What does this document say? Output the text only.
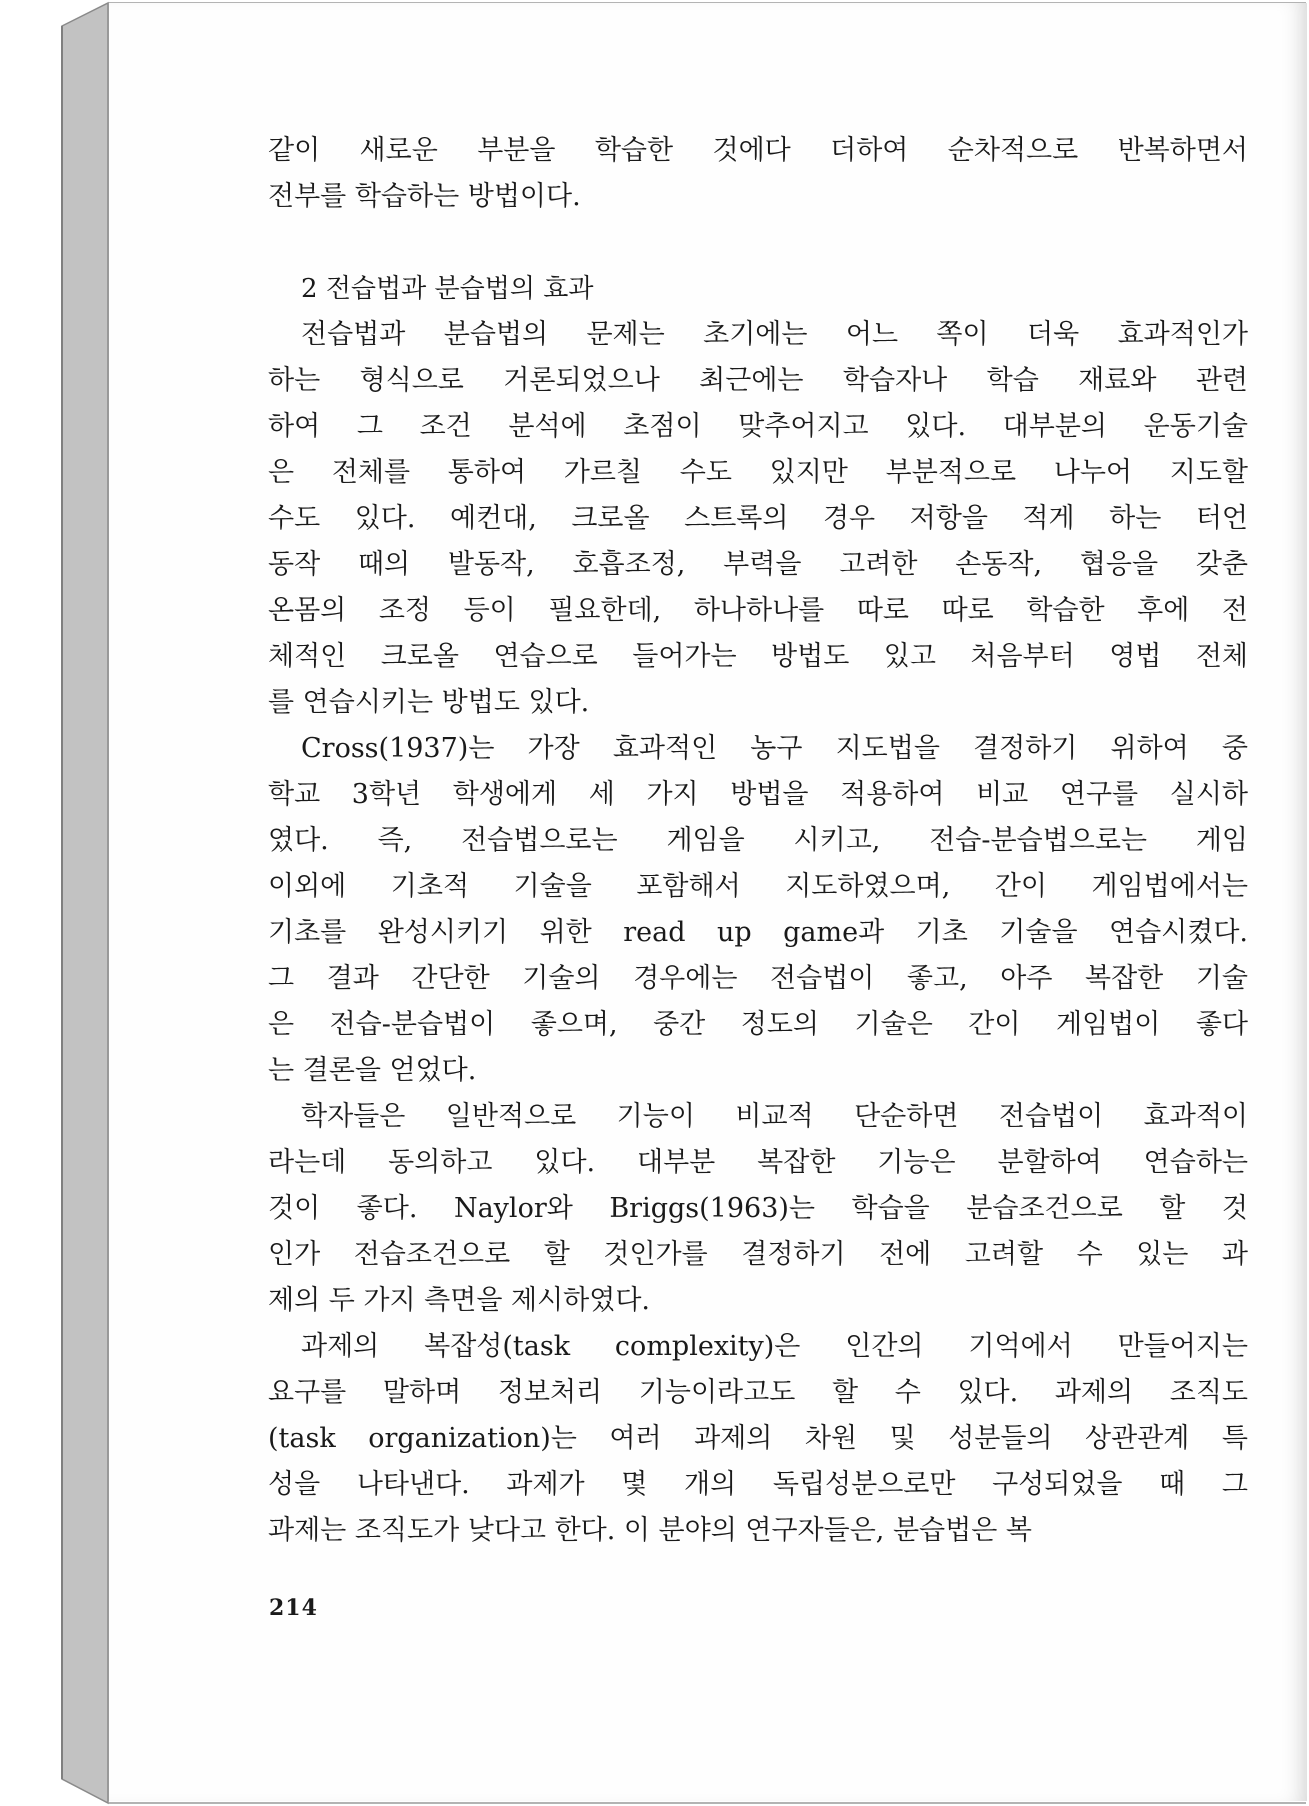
같이 새로운 부분을 학습한 것에다 더하여 순차적으로 반복하면서
전부를 학습하는 방법이다.
2 전습법과 분습법의 효과
전습법과 분습법의 문제는 초기에는 어느 쪽이 더욱 효과적인가
하는 형식으로 거론되었으나 최근에는 학습자나 학습 재료와 관련
하여 그 조건 분석에 초점이 맞추어지고 있다. 대부분의 운동기술
은 전체를 통하여 가르칠 수도 있지만 부분적으로 나누어 지도할
수도 있다. 예컨대, 크로올 스트록의 경우 저항을 적게 하는 터언
동작 때의 발동작, 호흡조정, 부력을 고려한 손동작, 협응을 갖춘
온몸의 조정 등이 필요한데, 하나하나를 따로 따로 학습한 후에 전
체적인 크로올 연습으로 들어가는 방법도 있고 처음부터 영법 전체
를 연습시키는 방법도 있다.
Cross(1937)는 가장 효과적인 농구 지도법을 결정하기 위하여 중
학교 3학년 학생에게 세 가지 방법을 적용하여 비교 연구를 실시하
였다. 즉, 전습법으로는 게임을 시키고, 전습-분습법으로는 게임
이외에 기초적 기술을 포함해서 지도하였으며, 간이 게임법에서는
기초를 완성시키기 위한 read up game과 기초 기술을 연습시켰다.
그 결과 간단한 기술의 경우에는 전습법이 좋고, 아주 복잡한 기술
은 전습-분습법이 좋으며, 중간 정도의 기술은 간이 게임법이 좋다
는 결론을 얻었다.
학자들은 일반적으로 기능이 비교적 단순하면 전습법이 효과적이
라는데 동의하고 있다. 대부분 복잡한 기능은 분할하여 연습하는
것이 좋다. Naylor와 Briggs(1963)는 학습을 분습조건으로 할 것
인가 전습조건으로 할 것인가를 결정하기 전에 고려할 수 있는 과
제의 두 가지 측면을 제시하였다.
과제의 복잡성(task complexity)은 인간의 기억에서 만들어지는
요구를 말하며 정보처리 기능이라고도 할 수 있다. 과제의 조직도
(task organization)는 여러 과제의 차원 및 성분들의 상관관계 특
성을 나타낸다. 과제가 몇 개의 독립성분으로만 구성되었을 때 그
과제는 조직도가 낮다고 한다. 이 분야의 연구자들은, 분습법은 복
214
